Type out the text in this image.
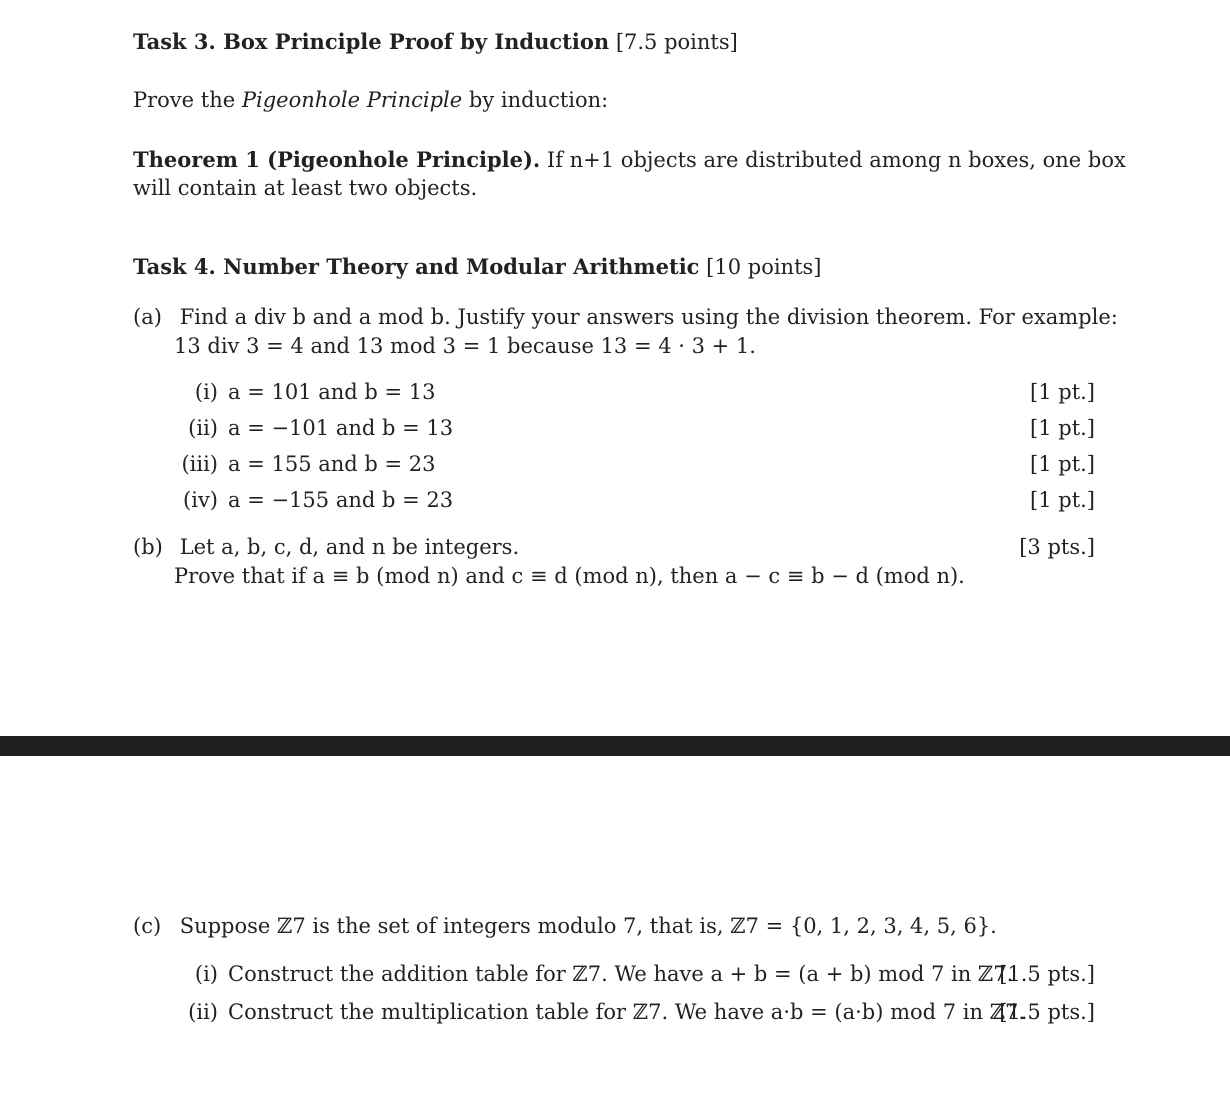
Task 3. Box Principle Proof by Induction [7.5 points]
Prove the Pigeonhole Principle by induction:
Theorem 1 (Pigeonhole Principle). If n+1 objects are distributed among n boxes, one box
will contain at least two objects.
Task 4. Number Theory and Modular Arithmetic [10 points]
(a) Find a div b and a mod b. Justify your answers using the division theorem. For example:
13 div 3 = 4 and 13 mod 3 = 1 because 13 = 4 · 3 + 1.
(i) a = 101 and b = 13	[1 pt.]
(ii) a = −101 and b = 13	[1 pt.]
(iii) a = 155 and b = 23	[1 pt.]
(iv) a = −155 and b = 23	[1 pt.]
(b) Let a, b, c, d, and n be integers.	[3 pts.]
Prove that if a ≡ b (mod n) and c ≡ d (mod n), then a − c ≡ b − d (mod n).
(c) Suppose ℤ7 is the set of integers modulo 7, that is, ℤ7 = {0, 1, 2, 3, 4, 5, 6}.
(i) Construct the addition table for ℤ7. We have a + b = (a + b) mod 7 in ℤ7.
[1.5 pts.]
(ii) Construct the multiplication table for ℤ7. We have a·b = (a·b) mod 7 in ℤ7.
[1.5 pts.]
